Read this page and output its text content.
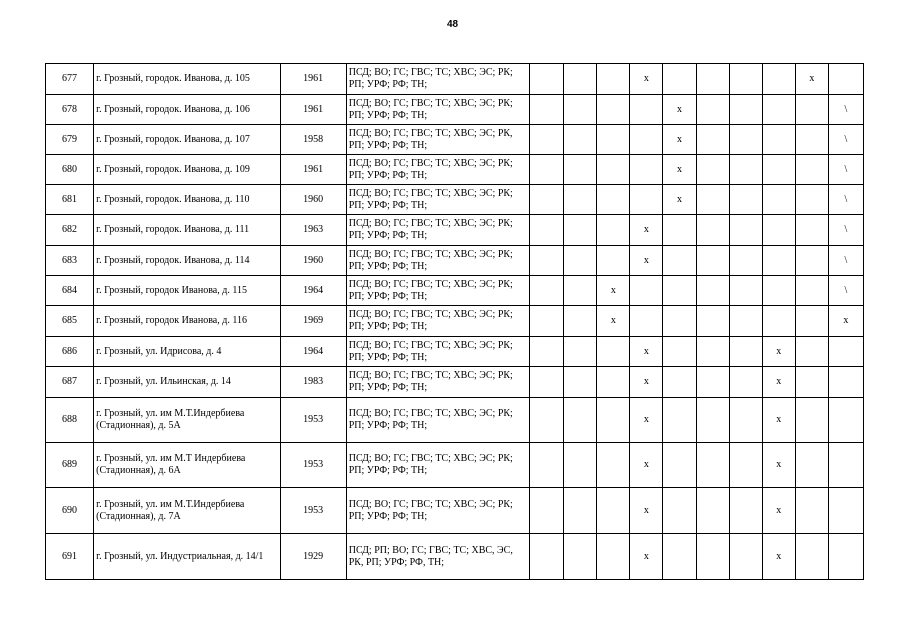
48
677	г. Грозный, городок. Иванова, д. 105	1961	ПСД; ВО; ГС; ГВС; ТС; ХВС; ЭС; РК; РП; УРФ; РФ; ТН;				х					х	
678	г. Грозный, городок. Иванова, д. 106	1961	ПСД; ВО; ГС; ГВС; ТС; ХВС; ЭС; РК; РП; УРФ; РФ; ТН;					х					\
679	г. Грозный, городок. Иванова, д. 107	1958	ПСД; ВО; ГС; ГВС; ТС; ХВС; ЭС; РК, РП; УРФ; РФ; ТН;					х					\
680	г. Грозный, городок. Иванова, д. 109	1961	ПСД; ВО; ГС; ГВС; ТС; ХВС; ЭС; РК; РП; УРФ; РФ; ТН;					х					\
681	г. Грозный, городок. Иванова, д. 110	1960	ПСД; ВО; ГС; ГВС; ТС; ХВС; ЭС; РК; РП; УРФ; РФ; ТН;					х					\
682	г. Грозный, городок. Иванова, д. 111	1963	ПСД; ВО; ГС; ГВС; ТС; ХВС; ЭС; РК; РП; УРФ; РФ; ТН;				х						\
683	г. Грозный, городок. Иванова, д. 114	1960	ПСД; ВО; ГС; ГВС; ТС; ХВС; ЭС; РК; РП; УРФ; РФ; ТН;				х						\
684	г. Грозный, городок Иванова, д. 115	1964	ПСД; ВО; ГС; ГВС; ТС; ХВС; ЭС; РК; РП; УРФ; РФ; ТН;			х							\
685	г. Грозный, городок Иванова, д. 116	1969	ПСД; ВО; ГС; ГВС; ТС; ХВС; ЭС; РК; РП; УРФ; РФ; ТН;			х							х
686	г. Грозный, ул. Идрисова, д. 4	1964	ПСД; ВО; ГС; ГВС; ТС; ХВС; ЭС; РК; РП; УРФ; РФ; ТН;				х				х		
687	г. Грозный, ул. Ильинская, д. 14	1983	ПСД; ВО; ГС; ГВС; ТС; ХВС; ЭС; РК; РП; УРФ; РФ; ТН;				х				х		
688	г. Грозный, ул. им М.Т.Индербиева (Стадионная), д. 5А	1953	ПСД; ВО; ГС; ГВС; ТС; ХВС; ЭС; РК; РП; УРФ; РФ; ТН;				х				х		
689	г. Грозный, ул. им М.Т Индербиева (Стадионная), д. 6А	1953	ПСД; ВО; ГС; ГВС; ТС; ХВС; ЭС; РК; РП; УРФ; РФ; ТН;				х				х		
690	г. Грозный, ул. им М.Т.Индербиева (Стадионная), д. 7А	1953	ПСД; ВО; ГС; ГВС; ТС; ХВС; ЭС; РК; РП; УРФ; РФ; ТН;				х				х		
691	г. Грозный, ул. Индустриальная, д. 14/1	1929	ПСД; РП; ВО; ГС; ГВС; ТС; ХВС, ЭС, РК, РП; УРФ; РФ, ТН;				х				х		
